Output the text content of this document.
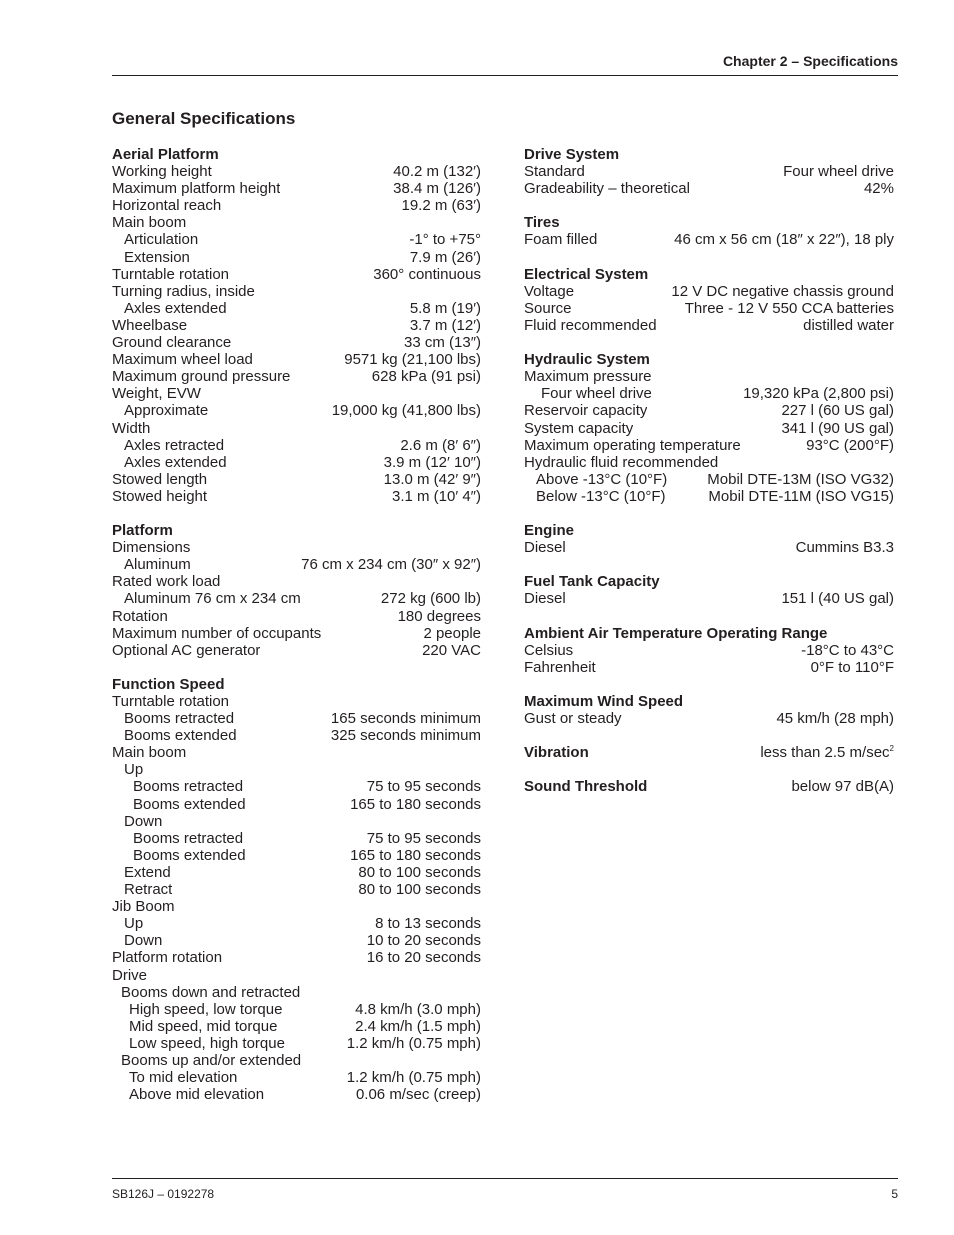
Chapter 2 – Specifications
General Specifications
Aerial Platform
Working height	40.2 m (132′)
Maximum platform height	38.4 m (126′)
Horizontal reach	19.2 m (63′)
Main boom
Articulation	-1° to +75°
Extension	7.9 m (26′)
Turntable rotation	360° continuous
Turning radius, inside
Axles extended	5.8 m (19′)
Wheelbase	3.7 m (12′)
Ground clearance	33 cm (13″)
Maximum wheel load	9571 kg (21,100 lbs)
Maximum ground pressure	628 kPa (91 psi)
Weight, EVW
Approximate	19,000 kg (41,800 lbs)
Width
Axles retracted	2.6 m (8′ 6″)
Axles extended	3.9 m (12′ 10″)
Stowed length	13.0 m (42′ 9″)
Stowed height	3.1 m (10′ 4″)
Platform
Dimensions
Aluminum	76 cm x 234 cm (30″ x 92″)
Rated work load
Aluminum 76 cm x 234 cm	272 kg (600 lb)
Rotation	180 degrees
Maximum number of occupants	2 people
Optional AC generator	220 VAC
Function Speed
Turntable rotation
Booms retracted	165 seconds minimum
Booms extended	325 seconds minimum
Main boom
Up
Booms retracted	75 to 95 seconds
Booms extended	165 to 180 seconds
Down
Booms retracted	75 to 95 seconds
Booms extended	165 to 180 seconds
Extend	80 to 100 seconds
Retract	80 to 100 seconds
Jib Boom
Up	8 to 13 seconds
Down	10 to 20 seconds
Platform rotation	16 to 20 seconds
Drive
Booms down and retracted
High speed, low torque	4.8 km/h (3.0 mph)
Mid speed, mid torque	2.4 km/h (1.5 mph)
Low speed, high torque	1.2 km/h (0.75 mph)
Booms up and/or extended
To mid elevation	1.2 km/h (0.75 mph)
Above mid elevation	0.06 m/sec (creep)
Drive System
Standard	Four wheel drive
Gradeability – theoretical	42%
Tires
Foam filled	46 cm x 56 cm (18″ x 22″), 18 ply
Electrical System
Voltage	12 V DC negative chassis ground
Source	Three - 12 V 550 CCA batteries
Fluid recommended	distilled water
Hydraulic System
Maximum pressure
Four wheel drive	19,320 kPa (2,800 psi)
Reservoir capacity	227 l (60 US gal)
System capacity	341 l (90 US gal)
Maximum operating temperature	93°C (200°F)
Hydraulic fluid recommended
Above -13°C (10°F)	Mobil DTE-13M (ISO VG32)
Below -13°C (10°F)	Mobil DTE-11M (ISO VG15)
Engine
Diesel	Cummins B3.3
Fuel Tank Capacity
Diesel	151 l (40 US gal)
Ambient Air Temperature Operating Range
Celsius	-18°C to 43°C
Fahrenheit	0°F to 110°F
Maximum Wind Speed
Gust or steady	45 km/h (28 mph)
Vibration	less than 2.5 $m/\sec^2$
Sound Threshold	below 97 dB(A)
SB126J – 0192278	5
